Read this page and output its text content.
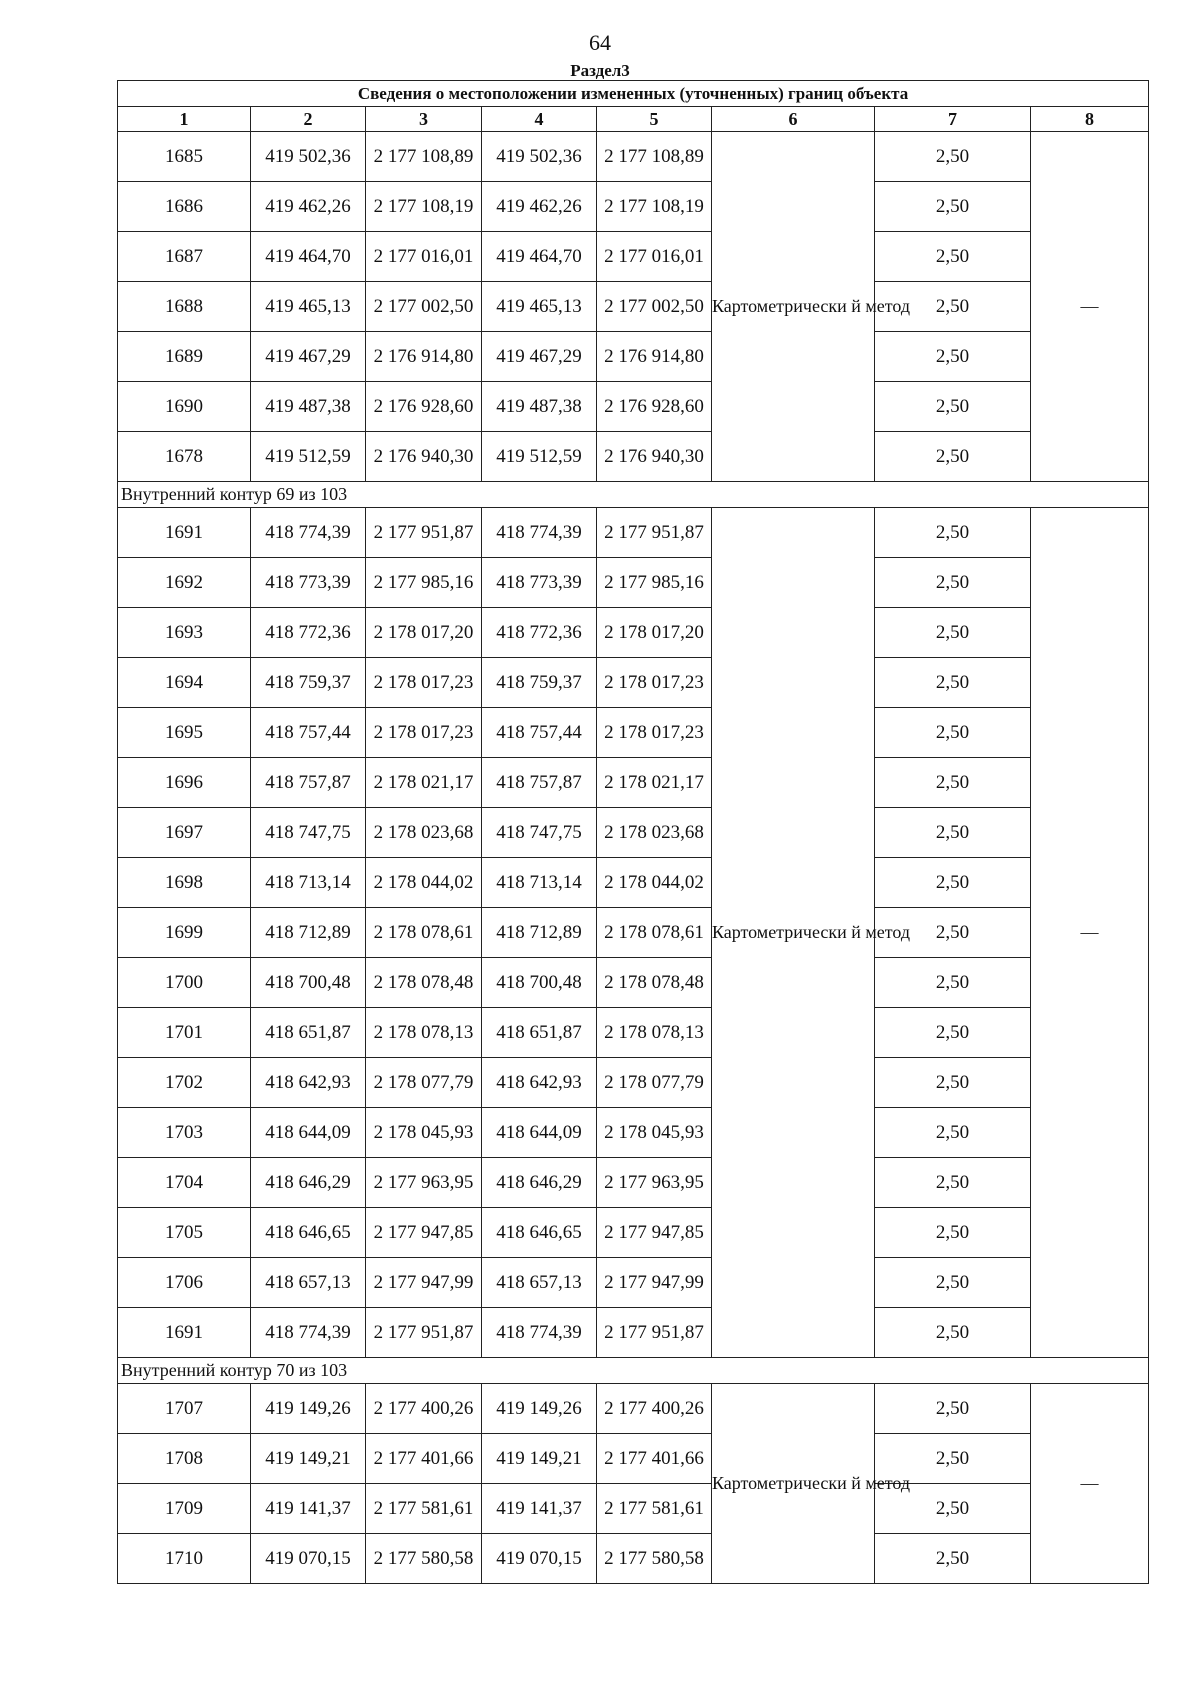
64
Раздел3
Сведения о местоположении измененных (уточненных) границ объекта							
1	2	3	4	5	6	7	8
1685	419 502,36	2 177 108,89	419 502,36	2 177 108,89	Картометрически й метод	2,50	—
1686	419 462,26	2 177 108,19	419 462,26	2 177 108,19		2,50	
1687	419 464,70	2 177 016,01	419 464,70	2 177 016,01		2,50	
1688	419 465,13	2 177 002,50	419 465,13	2 177 002,50		2,50	
1689	419 467,29	2 176 914,80	419 467,29	2 176 914,80		2,50	
1690	419 487,38	2 176 928,60	419 487,38	2 176 928,60		2,50	
1678	419 512,59	2 176 940,30	419 512,59	2 176 940,30		2,50	
Внутренний контур 69 из 103							
1691	418 774,39	2 177 951,87	418 774,39	2 177 951,87	Картометрически й метод	2,50	—
1692	418 773,39	2 177 985,16	418 773,39	2 177 985,16		2,50	
1693	418 772,36	2 178 017,20	418 772,36	2 178 017,20		2,50	
1694	418 759,37	2 178 017,23	418 759,37	2 178 017,23		2,50	
1695	418 757,44	2 178 017,23	418 757,44	2 178 017,23		2,50	
1696	418 757,87	2 178 021,17	418 757,87	2 178 021,17		2,50	
1697	418 747,75	2 178 023,68	418 747,75	2 178 023,68		2,50	
1698	418 713,14	2 178 044,02	418 713,14	2 178 044,02		2,50	
1699	418 712,89	2 178 078,61	418 712,89	2 178 078,61		2,50	
1700	418 700,48	2 178 078,48	418 700,48	2 178 078,48		2,50	
1701	418 651,87	2 178 078,13	418 651,87	2 178 078,13		2,50	
1702	418 642,93	2 178 077,79	418 642,93	2 178 077,79		2,50	
1703	418 644,09	2 178 045,93	418 644,09	2 178 045,93		2,50	
1704	418 646,29	2 177 963,95	418 646,29	2 177 963,95		2,50	
1705	418 646,65	2 177 947,85	418 646,65	2 177 947,85		2,50	
1706	418 657,13	2 177 947,99	418 657,13	2 177 947,99		2,50	
1691	418 774,39	2 177 951,87	418 774,39	2 177 951,87		2,50	
Внутренний контур 70 из 103							
1707	419 149,26	2 177 400,26	419 149,26	2 177 400,26	Картометрически й метод	2,50	—
1708	419 149,21	2 177 401,66	419 149,21	2 177 401,66		2,50	
1709	419 141,37	2 177 581,61	419 141,37	2 177 581,61		2,50	
1710	419 070,15	2 177 580,58	419 070,15	2 177 580,58		2,50	
